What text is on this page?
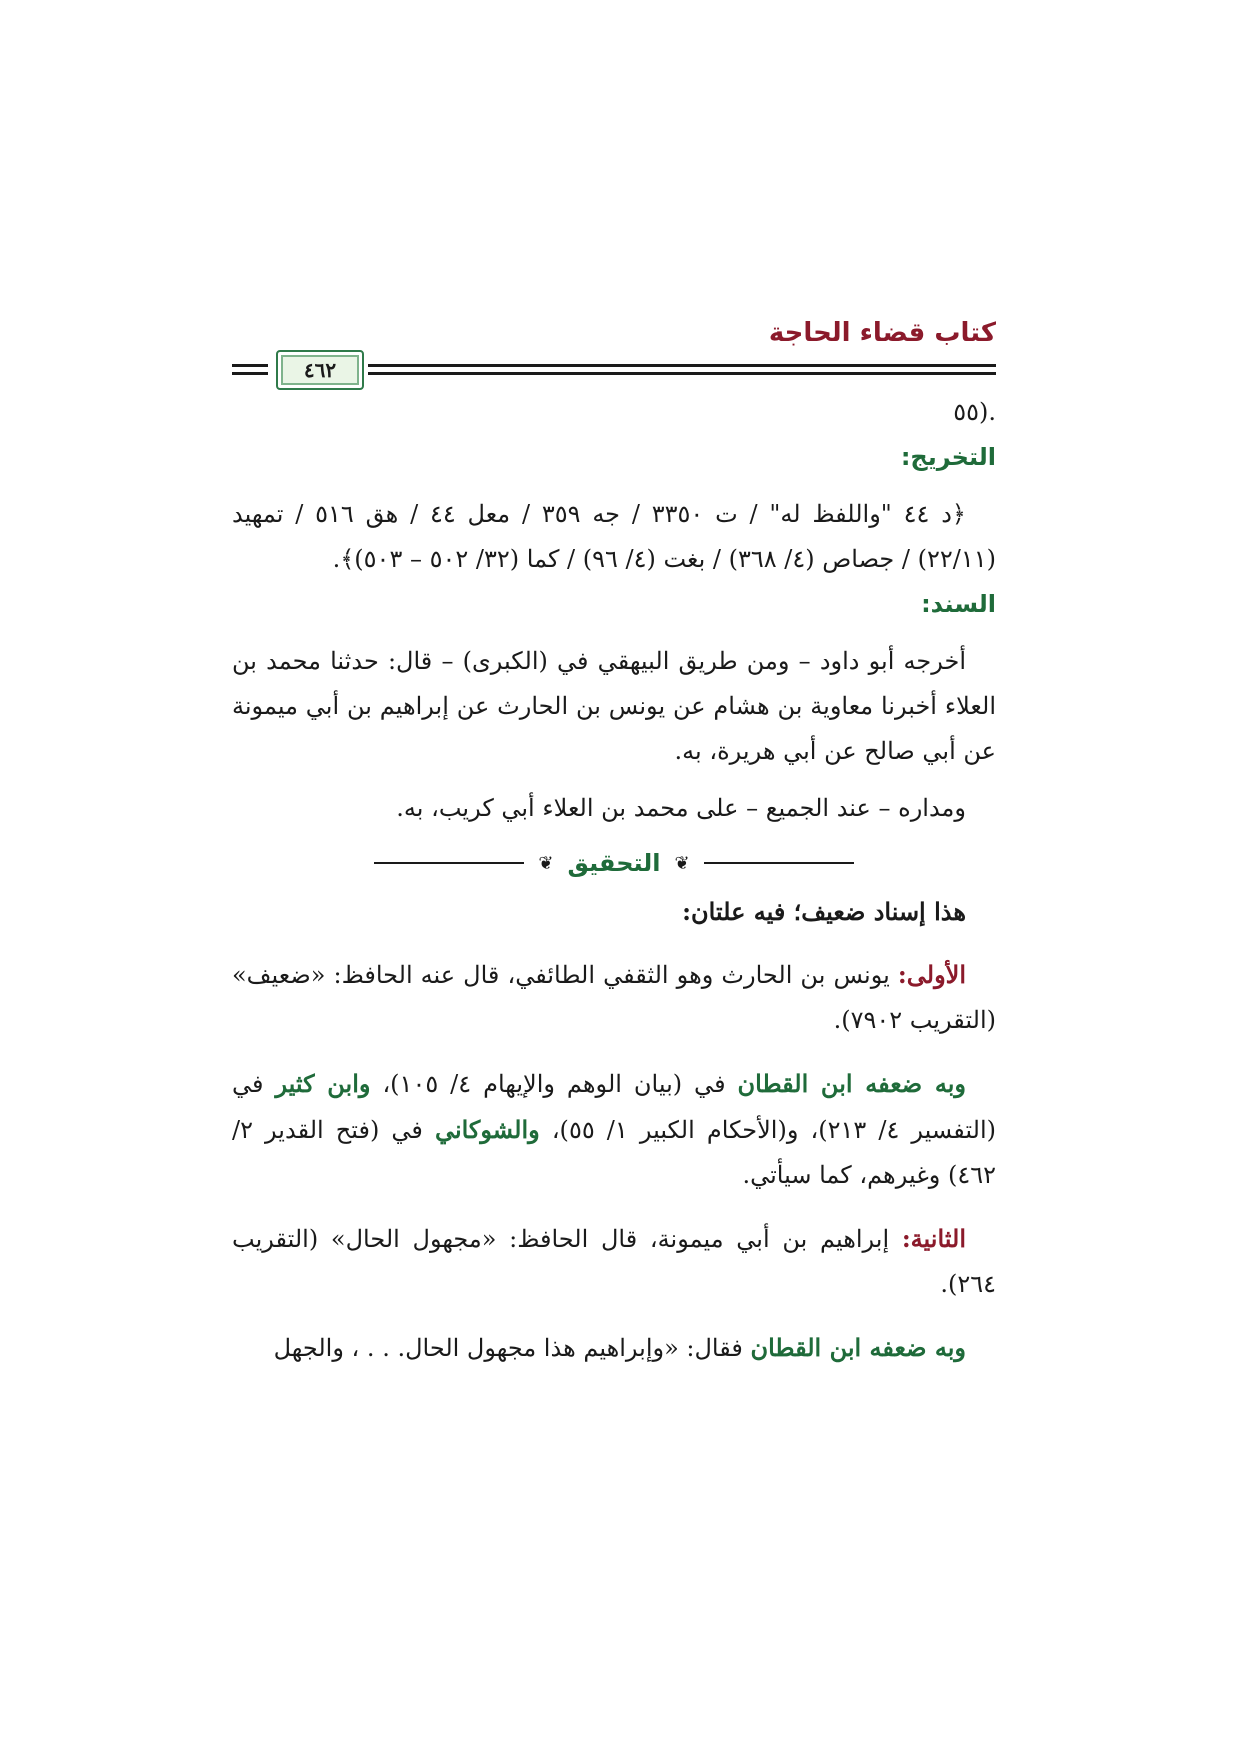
كتاب قضاء الحاجة
٤٦٢

.(٥٥

التخريج:

﴿د ٤٤ "واللفظ له" / ت ٣٣٥٠ / جه ٣٥٩ / معل ٤٤ / هق ٥١٦ / تمهيد (٢٢/١١) / جصاص (٤/ ٣٦٨) / بغت (٤/ ٩٦) / كما (٣٢/ ٥٠٢ – ٥٠٣)﴾.

السند:

أخرجه أبو داود – ومن طريق البيهقي في (الكبرى) – قال: حدثنا محمد بن العلاء أخبرنا معاوية بن هشام عن يونس بن الحارث عن إبراهيم بن أبي ميمونة عن أبي صالح عن أبي هريرة، به.

ومداره – عند الجميع – على محمد بن العلاء أبي كريب، به.

❦
التحقيق
❦

هذا إسناد ضعيف؛ فيه علتان:

الأولى: يونس بن الحارث وهو الثقفي الطائفي، قال عنه الحافظ: «ضعيف» (التقريب ٧٩٠٢).

وبه ضعفه ابن القطان في (بيان الوهم والإيهام ٤/ ١٠٥)، وابن كثير في (التفسير ٤/ ٢١٣)، و(الأحكام الكبير ١/ ٥٥)، والشوكاني في (فتح القدير ٢/ ٤٦٢) وغيرهم، كما سيأتي.

الثانية: إبراهيم بن أبي ميمونة، قال الحافظ: «مجهول الحال» (التقريب ٢٦٤).

وبه ضعفه ابن القطان فقال: «وإبراهيم هذا مجهول الحال. . . ، والجهل
